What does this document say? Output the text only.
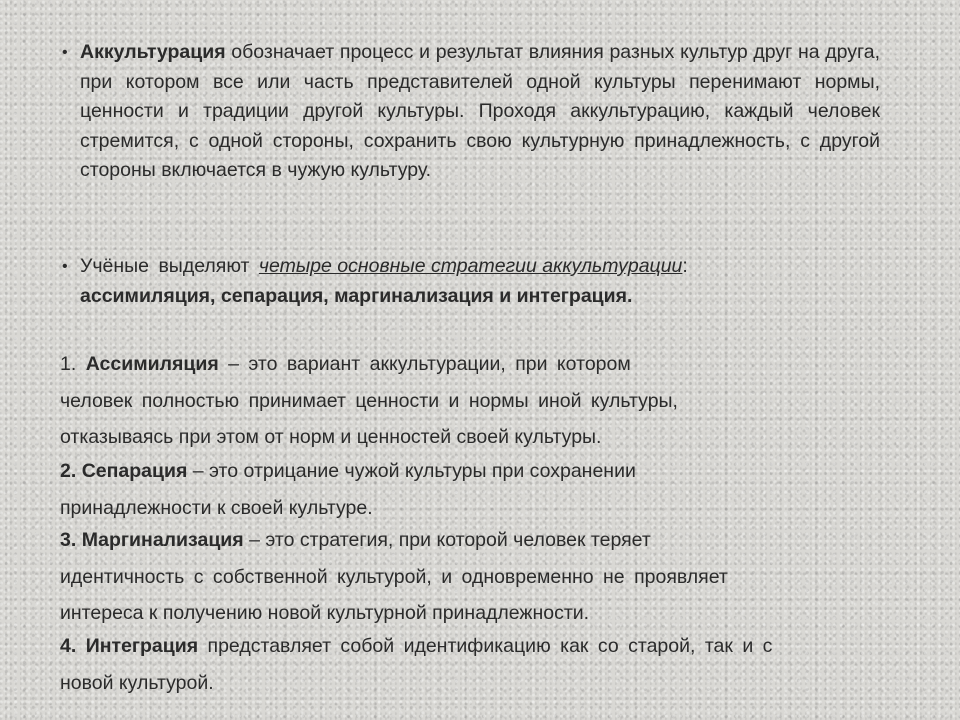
• Аккультурация обозначает процесс и результат влияния разных культур друг на друга, при котором все или часть представителей одной культуры перенимают нормы, ценности и традиции другой культуры. Проходя аккультурацию, каждый человек стремится, с одной стороны, сохранить свою культурную принадлежность, с другой стороны включается в чужую культуру.
• Учёные выделяют четыре основные стратегии аккультурации:
ассимиляция, сепарация, маргинализация и интеграция.
1. Ассимиляция – это вариант аккультурации, при котором
человек полностью принимает ценности и нормы иной культуры,
отказываясь при этом от норм и ценностей своей культуры.
2. Сепарация – это отрицание чужой культуры при сохранении
принадлежности к своей культуре.
3. Маргинализация – это стратегия, при которой человек теряет
идентичность с собственной культурой, и одновременно не проявляет
интереса к получению новой культурной принадлежности.
4. Интеграция представляет собой идентификацию как со старой, так и с
новой культурой.
